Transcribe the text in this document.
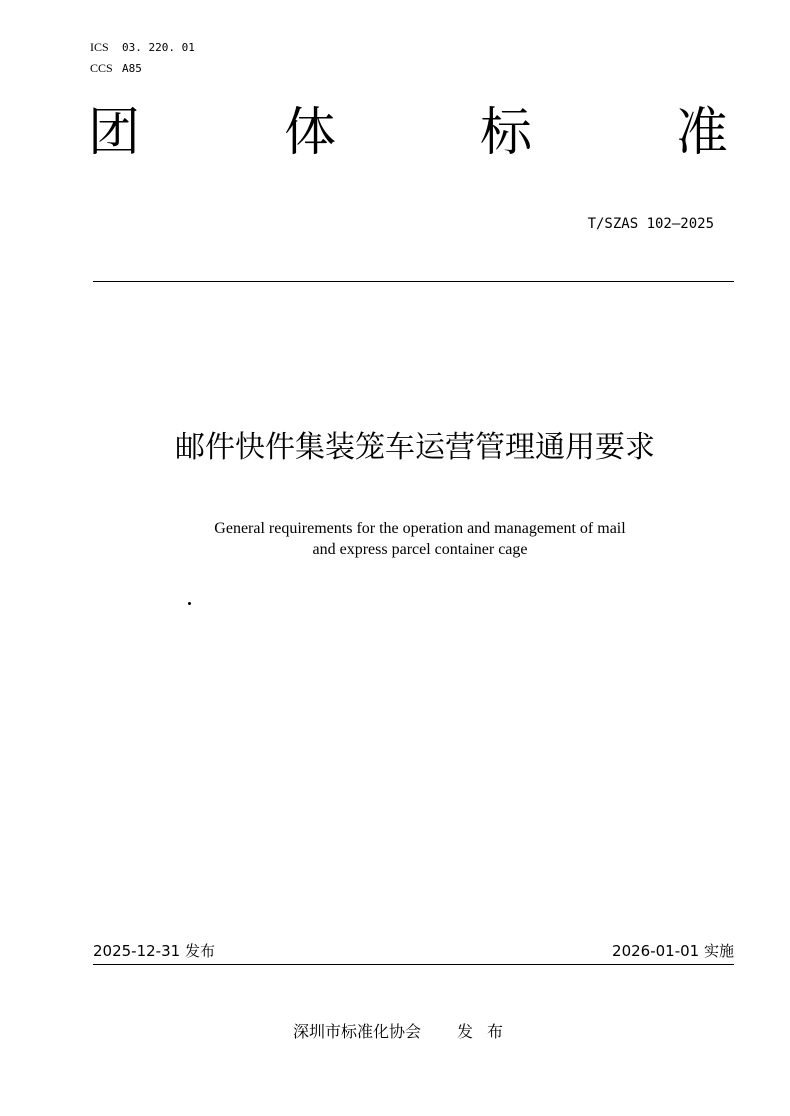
ICS 03. 220. 01
CCS A85
团	体	标	准
T/SZAS 102—2025
邮件快件集装笼车运营管理通用要求
General requirements for the operation and management of mail
and express parcel container cage
2025-12-31 发布	2026-01-01 实施
深圳市标准化协会 发布
